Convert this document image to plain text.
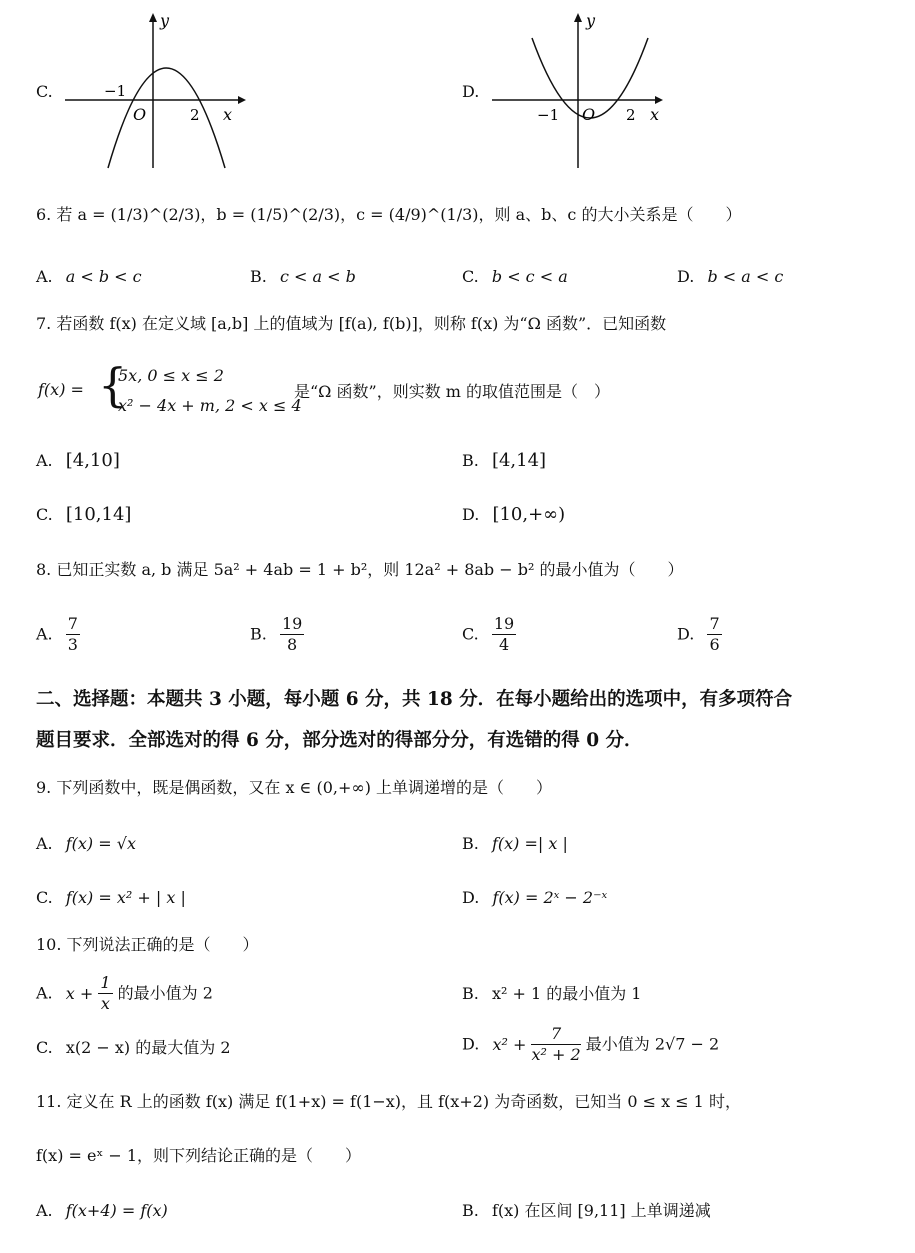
C.
y
x
O
−1
2
D.
y
x
O
−1	2
6. 若 a = (1/3)^(2/3)，b = (1/5)^(2/3)，c = (4/9)^(1/3)，则 a、b、c 的大小关系是（　　）
A. a < b < c	B. c < a < b	C. b < c < a	D. b < a < c
7. 若函数 f(x) 在定义域 [a,b] 上的值域为 [f(a), f(b)]，则称 f(x) 为“Ω 函数”．已知函数
f(x) = {
5x, 0 ≤ x ≤ 2
x² − 4x + m, 2 < x ≤ 4
是“Ω 函数”，则实数 m 的取值范围是（　）
A. [4,10]	B. [4,14]
C. [10,14]	D. [10,+∞)
8. 已知正实数 a, b 满足 5a² + 4ab = 1 + b²，则 12a² + 8ab − b² 的最小值为（　　）
A. $\frac{7}{3}$	B. $\frac{19}{8}$	C. $\frac{19}{4}$	D. $\frac{7}{6}$
二、选择题：本题共 3 小题，每小题 6 分，共 18 分．在每小题给出的选项中，有多项符合
题目要求．全部选对的得 6 分，部分选对的得部分分，有选错的得 0 分．
9. 下列函数中，既是偶函数，又在 x ∈ (0,+∞) 上单调递增的是（　　）
A. f(x) = √x	B. f(x) =| x |
C. f(x) = x² + | x |	D. f(x) = 2ˣ − 2⁻ˣ
10. 下列说法正确的是（　　）
A. $x + \frac{1}{x}$ 的最小值为 2	B. x² + 1 的最小值为 1
C. x(2 − x) 的最大值为 2	D. $x^2 + \frac{7}{\text{x² + 2}}$ 最小值为 2√7 − 2
11. 定义在 R 上的函数 f(x) 满足 f(1+x) = f(1−x)，且 f(x+2) 为奇函数，已知当 0 ≤ x ≤ 1 时，
f(x) = eˣ − 1，则下列结论正确的是（　　）
A. f(x+4) = f(x)	B. f(x) 在区间 [9,11] 上单调递减
